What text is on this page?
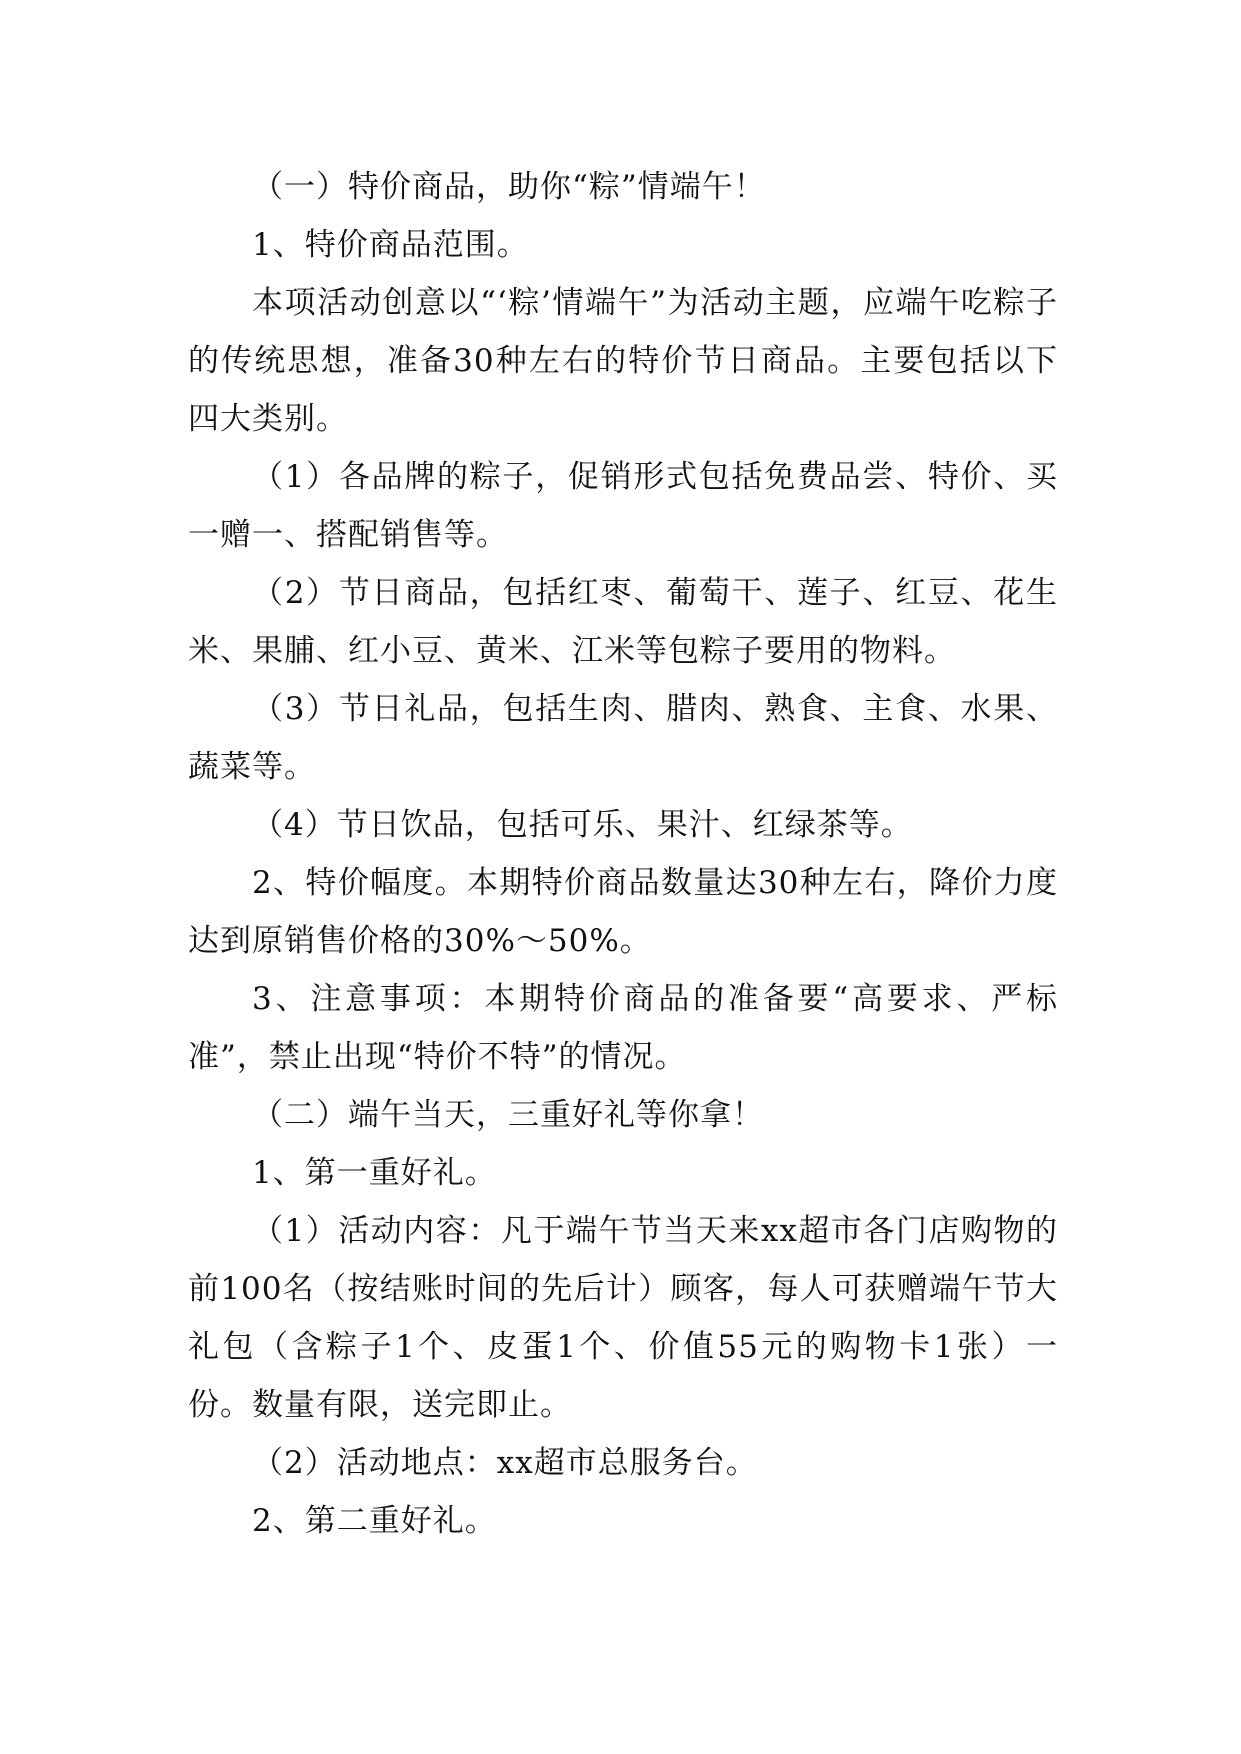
（一）特价商品，助你“粽”情端午！

1、特价商品范围。

本项活动创意以“‘粽’情端午”为活动主题，应端午吃粽子的传统思想，准备30种左右的特价节日商品。主要包括以下四大类别。

（1）各品牌的粽子，促销形式包括免费品尝、特价、买一赠一、搭配销售等。

（2）节日商品，包括红枣、葡萄干、莲子、红豆、花生米、果脯、红小豆、黄米、江米等包粽子要用的物料。

（3）节日礼品，包括生肉、腊肉、熟食、主食、水果、蔬菜等。

（4）节日饮品，包括可乐、果汁、红绿茶等。

2、特价幅度。本期特价商品数量达30种左右，降价力度达到原销售价格的30%～50%。

3、注意事项：本期特价商品的准备要“高要求、严标准”，禁止出现“特价不特”的情况。

（二）端午当天，三重好礼等你拿！

1、第一重好礼。

（1）活动内容：凡于端午节当天来xx超市各门店购物的前100名（按结账时间的先后计）顾客，每人可获赠端午节大礼包（含粽子1个、皮蛋1个、价值55元的购物卡1张）一份。数量有限，送完即止。

（2）活动地点：xx超市总服务台。

2、第二重好礼。
